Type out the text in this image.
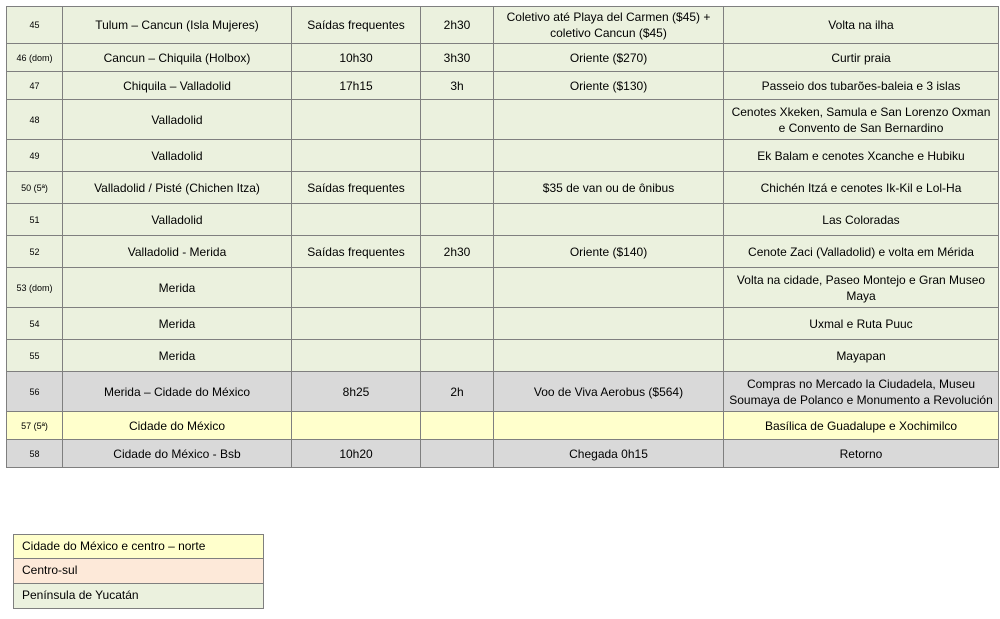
45	Tulum – Cancun (Isla Mujeres)	Saídas frequentes	2h30	Coletivo até Playa del Carmen ($45) + coletivo Cancun ($45)	Volta na ilha
46 (dom)	Cancun – Chiquila (Holbox)	10h30	3h30	Oriente ($270)	Curtir praia
47	Chiquila – Valladolid	17h15	3h	Oriente ($130)	Passeio dos tubarões-baleia e 3 islas
48	Valladolid				Cenotes Xkeken, Samula e San Lorenzo Oxman e Convento de San Bernardino
49	Valladolid				Ek Balam e cenotes Xcanche e Hubiku
50 (5ª)	Valladolid / Pisté (Chichen Itza)	Saídas frequentes		$35 de van ou de ônibus	Chichén Itzá e cenotes Ik-Kil e Lol-Ha
51	Valladolid				Las Coloradas
52	Valladolid - Merida	Saídas frequentes	2h30	Oriente ($140)	Cenote Zaci (Valladolid) e volta em Mérida
53 (dom)	Merida				Volta na cidade, Paseo Montejo e Gran Museo Maya
54	Merida				Uxmal e Ruta Puuc
55	Merida				Mayapan
56	Merida – Cidade do México	8h25	2h	Voo de Viva Aerobus ($564)	Compras no Mercado la Ciudadela, Museu Soumaya de Polanco e Monumento a Revolución
57 (5ª)	Cidade do México				Basílica de Guadalupe e Xochimilco
58	Cidade do México - Bsb	10h20		Chegada 0h15	Retorno
Cidade do México e centro – norte
Centro-sul
Península de Yucatán
